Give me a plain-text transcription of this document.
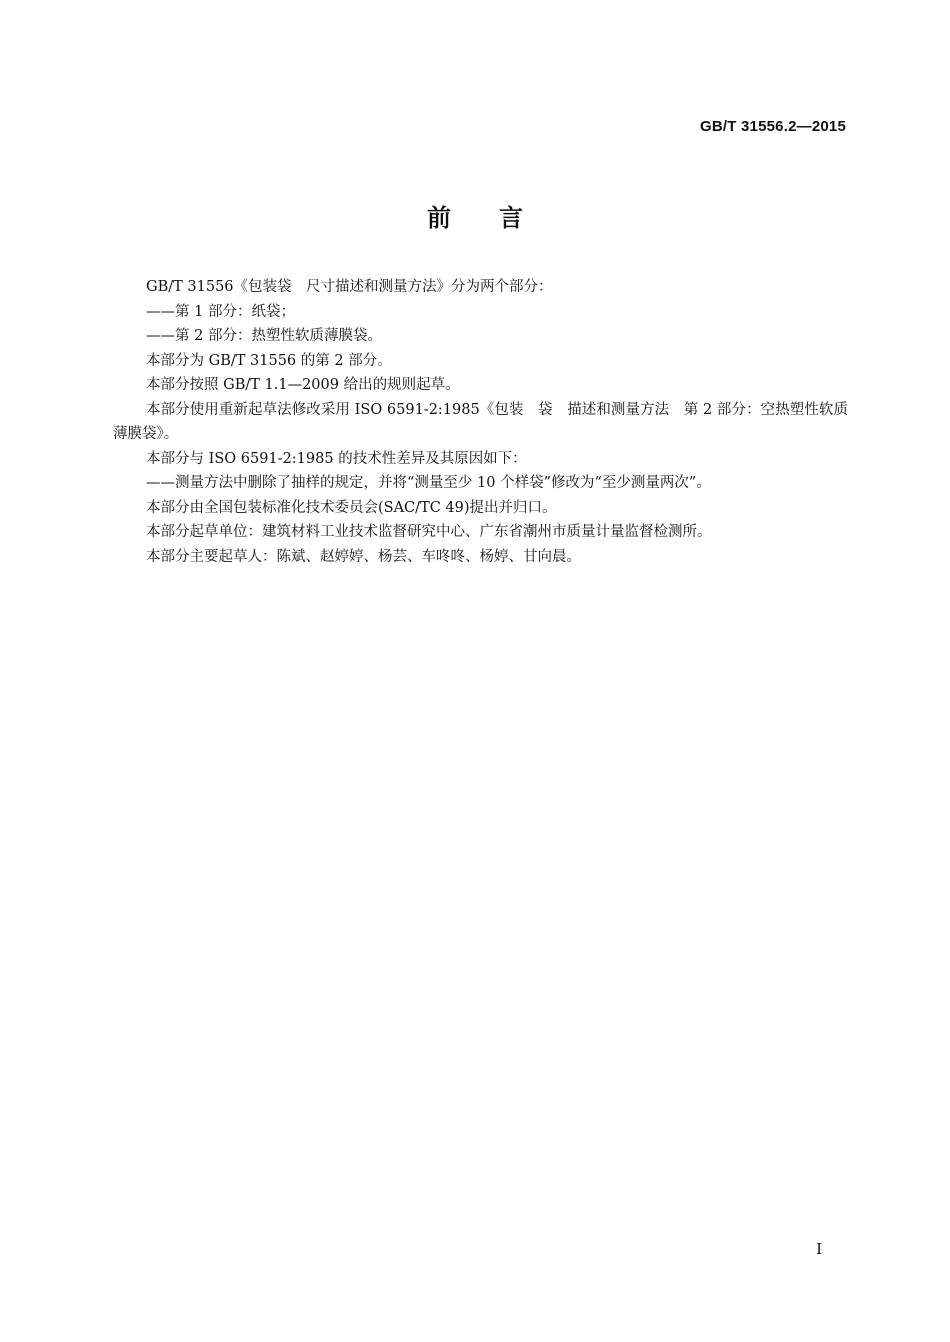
GB/T 31556.2—2015
前言

GB/T 31556《包装袋　尺寸描述和测量方法》分为两个部分：

——第 1 部分：纸袋；

——第 2 部分：热塑性软质薄膜袋。

本部分为 GB/T 31556 的第 2 部分。

本部分按照 GB/T 1.1—2009 给出的规则起草。

本部分使用重新起草法修改采用 ISO 6591-2:1985《包装　袋　描述和测量方法　第 2 部分：空热塑性软质薄膜袋》。

本部分与 ISO 6591-2:1985 的技术性差异及其原因如下：

——测量方法中删除了抽样的规定，并将“测量至少 10 个样袋”修改为“至少测量两次”。

本部分由全国包装标准化技术委员会(SAC/TC 49)提出并归口。

本部分起草单位：建筑材料工业技术监督研究中心、广东省潮州市质量计量监督检测所。

本部分主要起草人：陈斌、赵婷婷、杨芸、车咚咚、杨婷、甘向晨。

I
